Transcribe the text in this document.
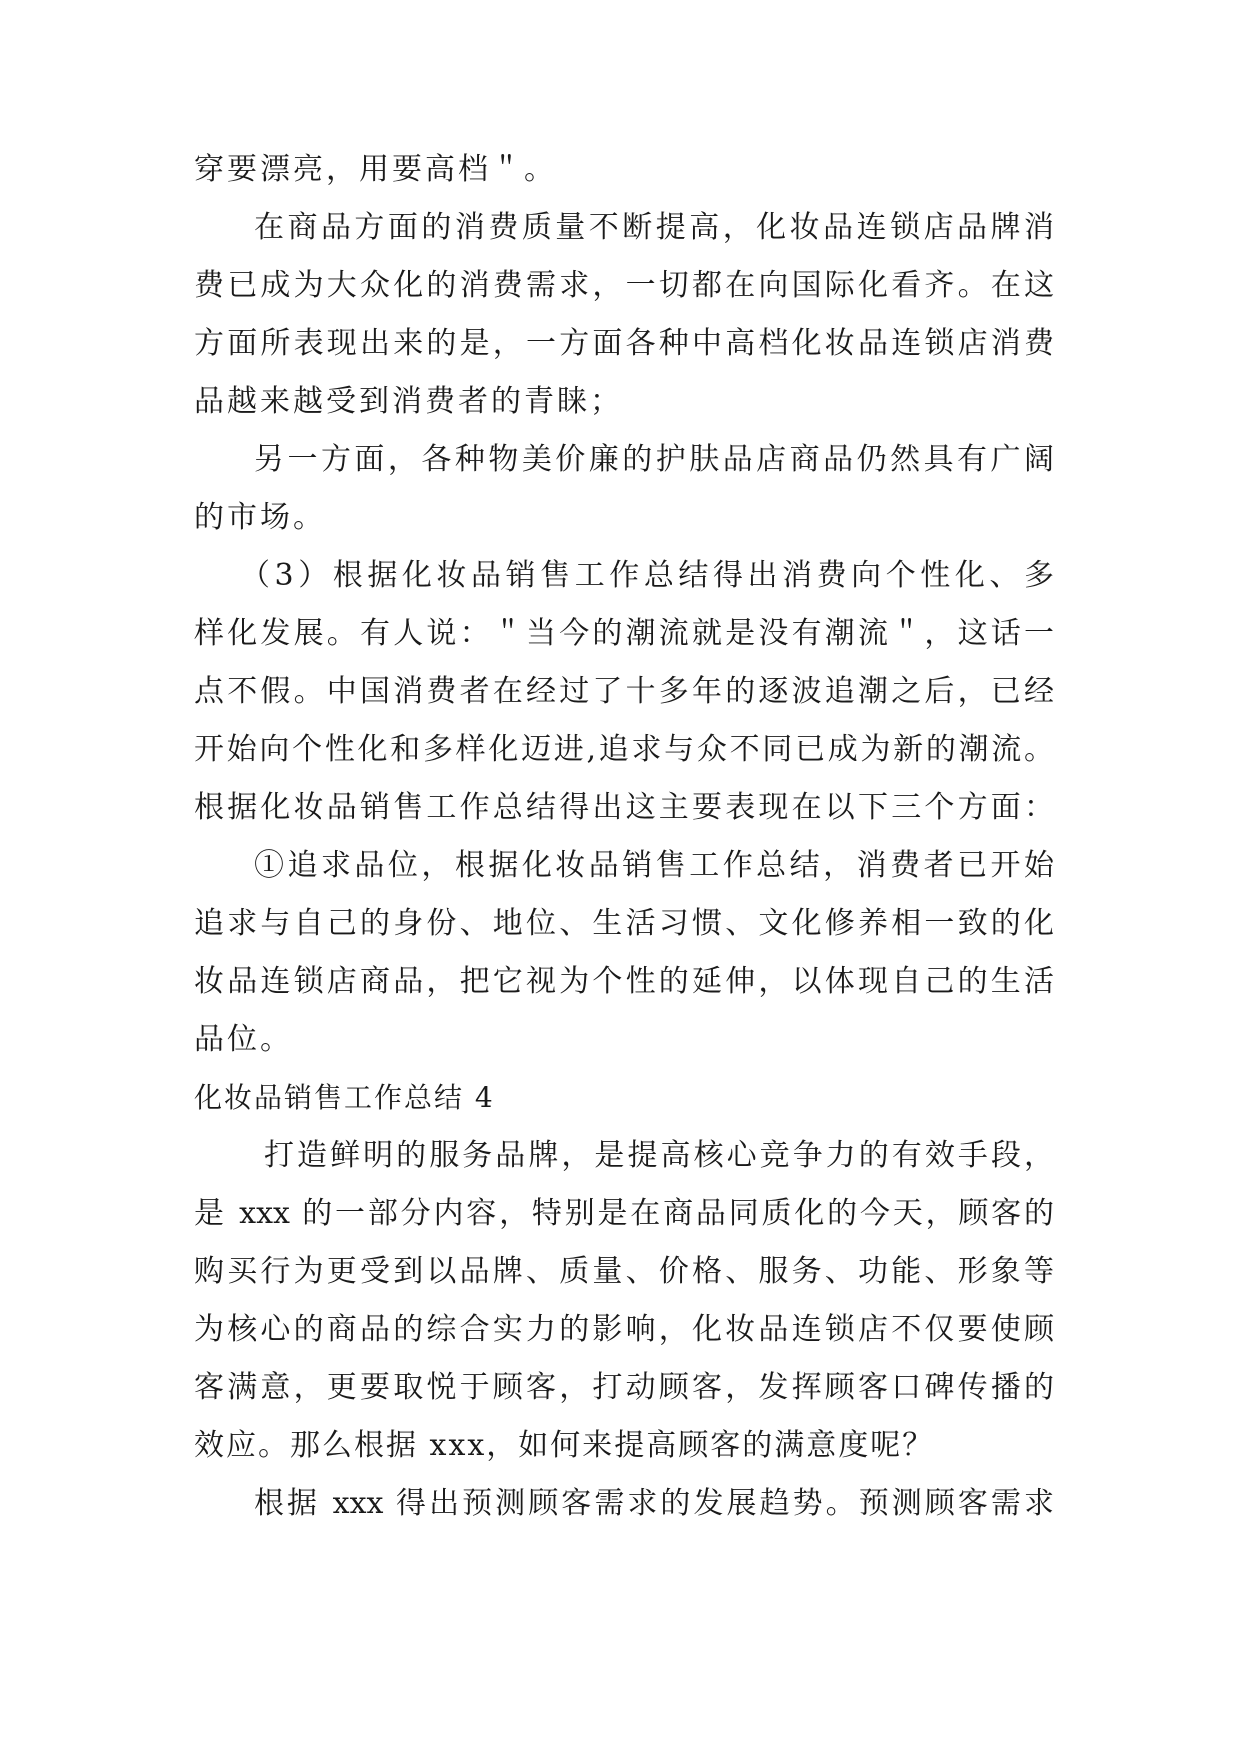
穿要漂亮，用要高档＂。
在商品方面的消费质量不断提高，化妆品连锁店品牌消
费已成为大众化的消费需求，一切都在向国际化看齐。在这
方面所表现出来的是，一方面各种中高档化妆品连锁店消费
品越来越受到消费者的青睐；
另一方面，各种物美价廉的护肤品店商品仍然具有广阔
的市场。
（3）根据化妆品销售工作总结得出消费向个性化、多
样化发展。有人说：＂当今的潮流就是没有潮流＂，这话一
点不假。中国消费者在经过了十多年的逐波追潮之后，已经
开始向个性化和多样化迈进,追求与众不同已成为新的潮流。
根据化妆品销售工作总结得出这主要表现在以下三个方面：
①追求品位，根据化妆品销售工作总结，消费者已开始
追求与自己的身份、地位、生活习惯、文化修养相一致的化
妆品连锁店商品，把它视为个性的延伸，以体现自己的生活
品位。
化妆品销售工作总结 4
打造鲜明的服务品牌，是提高核心竞争力的有效手段，
是 xxx 的一部分内容，特别是在商品同质化的今天，顾客的
购买行为更受到以品牌、质量、价格、服务、功能、形象等
为核心的商品的综合实力的影响，化妆品连锁店不仅要使顾
客满意，更要取悦于顾客，打动顾客，发挥顾客口碑传播的
效应。那么根据 xxx，如何来提高顾客的满意度呢？
根据 xxx 得出预测顾客需求的发展趋势。预测顾客需求
